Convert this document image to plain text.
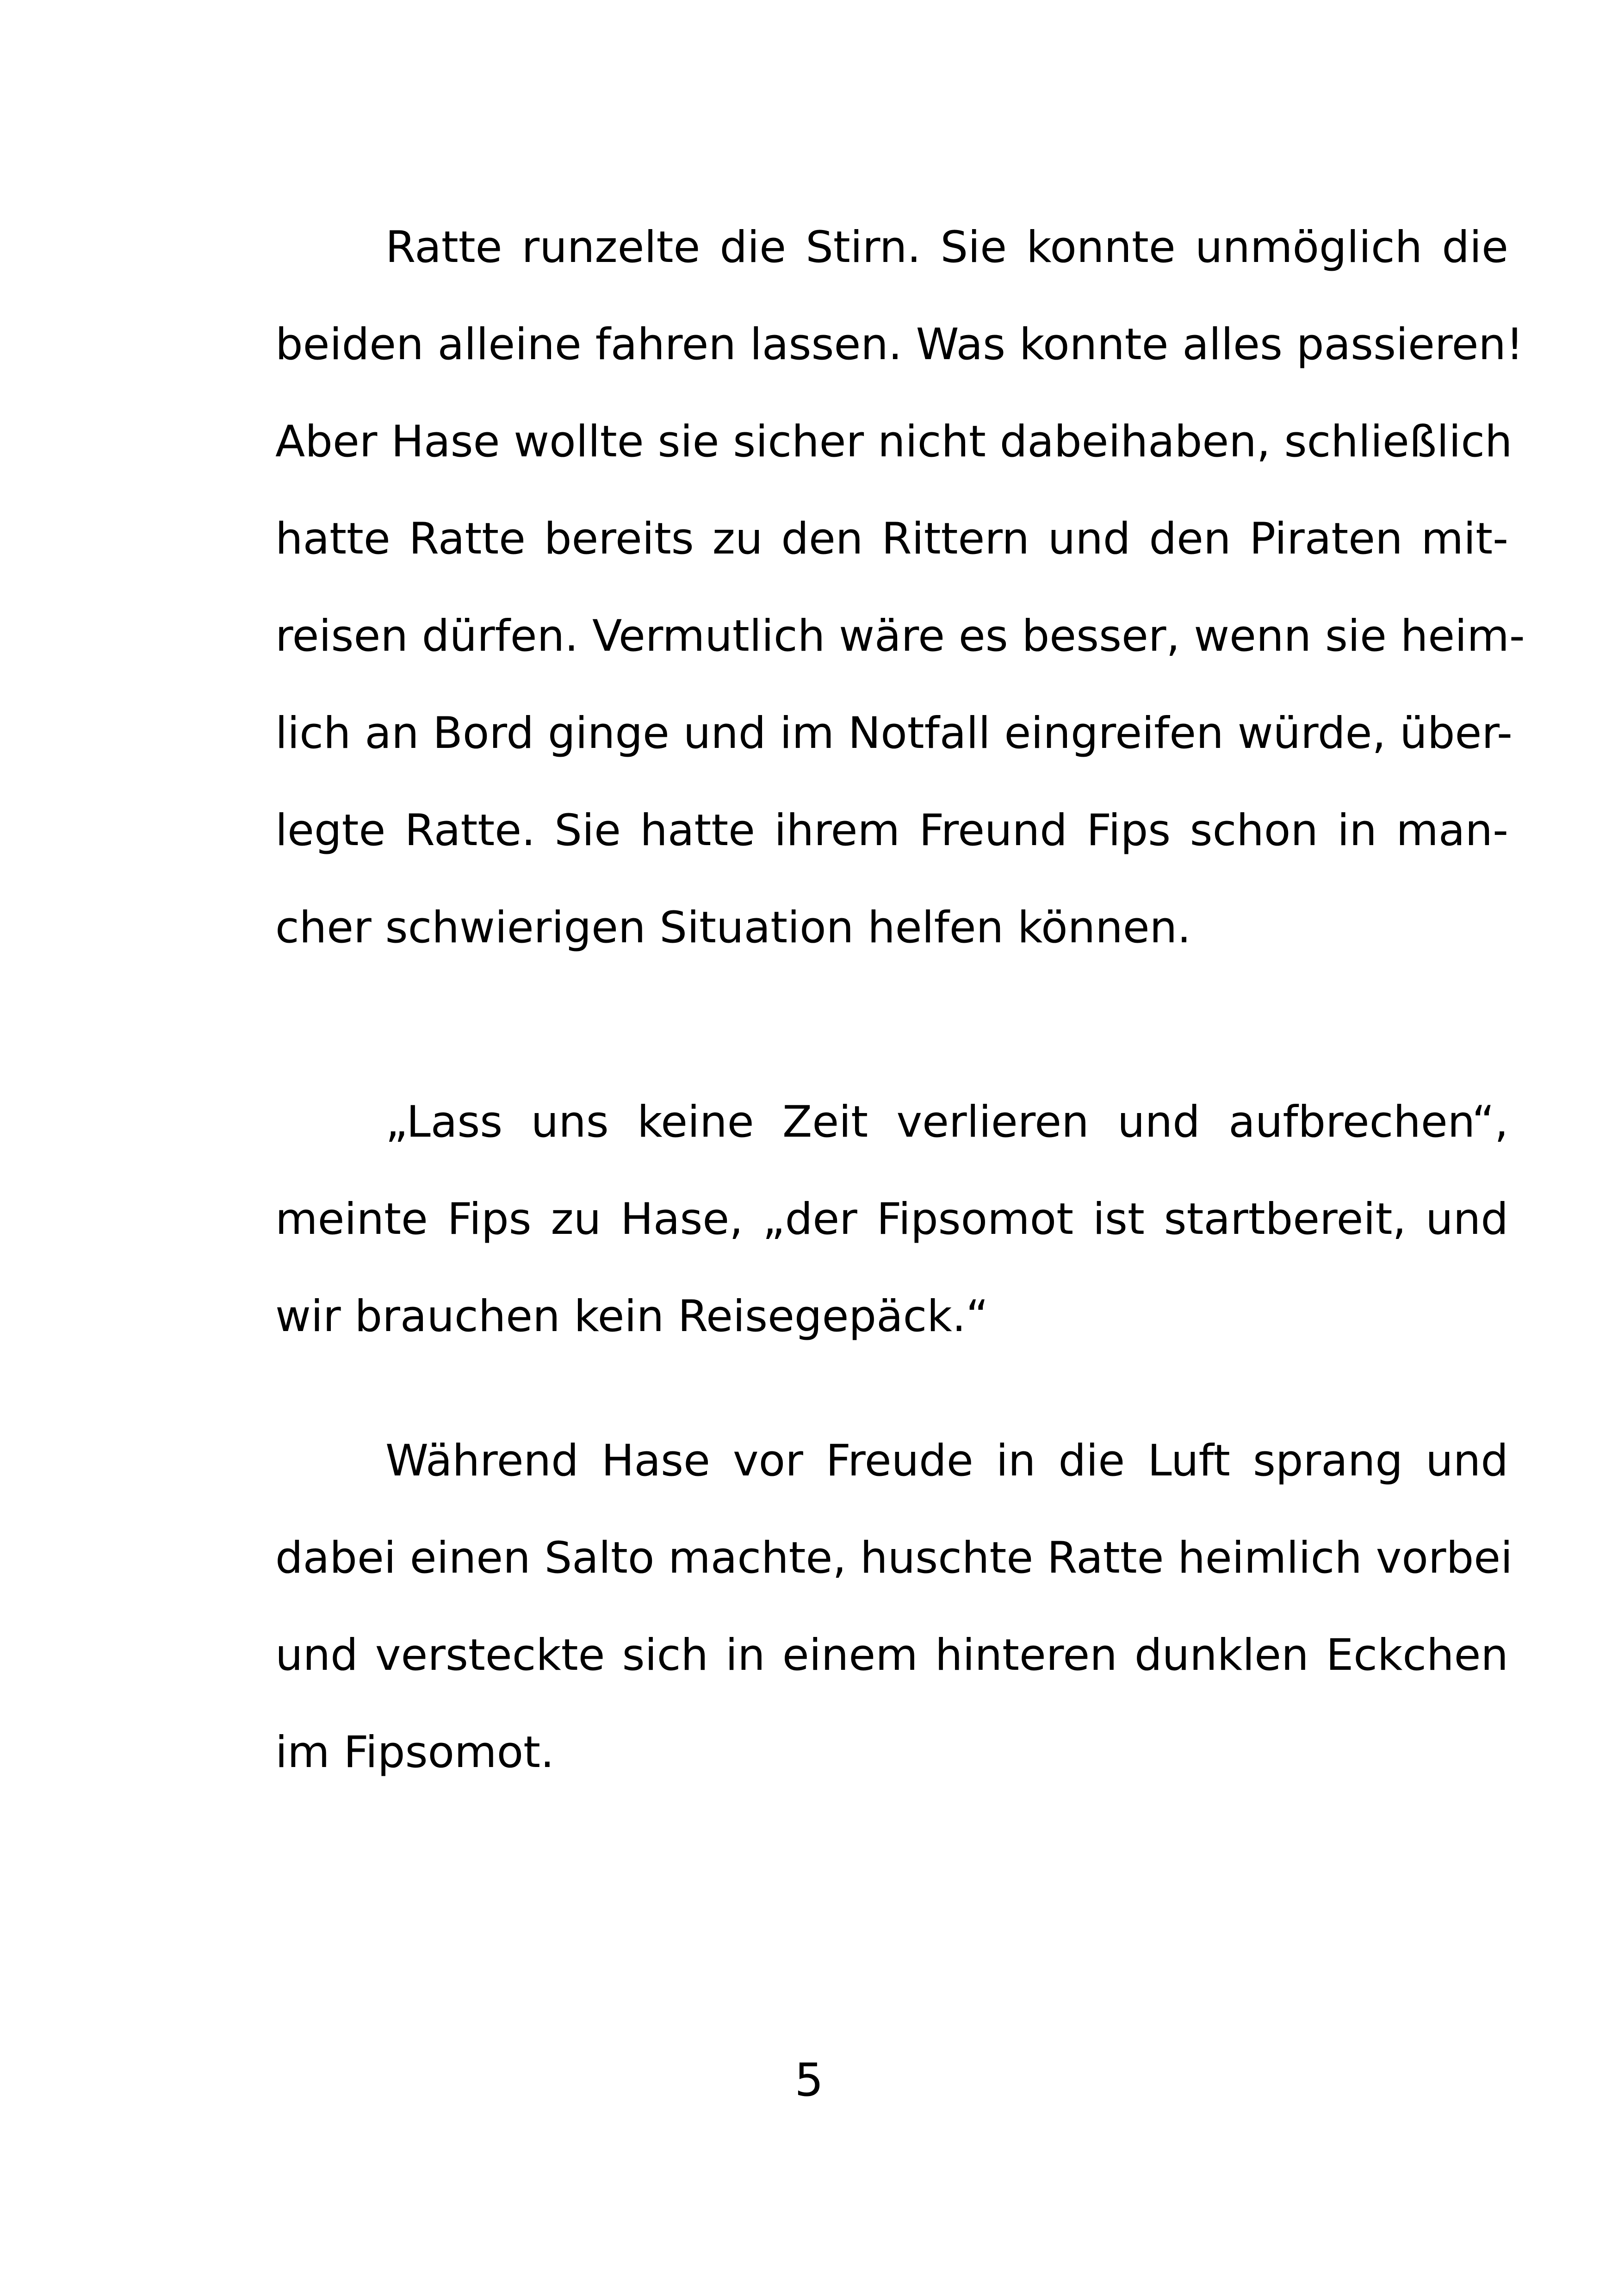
Ratte runzelte die Stirn. Sie konnte unmöglich die
beiden alleine fahren lassen. Was konnte alles passieren!
Aber Hase wollte sie sicher nicht dabeihaben, schließlich
hatte Ratte bereits zu den Rittern und den Piraten mit-
reisen dürfen. Vermutlich wäre es besser, wenn sie heim-
lich an Bord ginge und im Notfall eingreifen würde, über-
legte Ratte. Sie hatte ihrem Freund Fips schon in man-
cher schwierigen Situation helfen können.
„Lass uns keine Zeit verlieren und aufbrechen“,
meinte Fips zu Hase, „der Fipsomot ist startbereit, und
wir brauchen kein Reisegepäck.“
Während Hase vor Freude in die Luft sprang und
dabei einen Salto machte, huschte Ratte heimlich vorbei
und versteckte sich in einem hinteren dunklen Eckchen
im Fipsomot.
5
